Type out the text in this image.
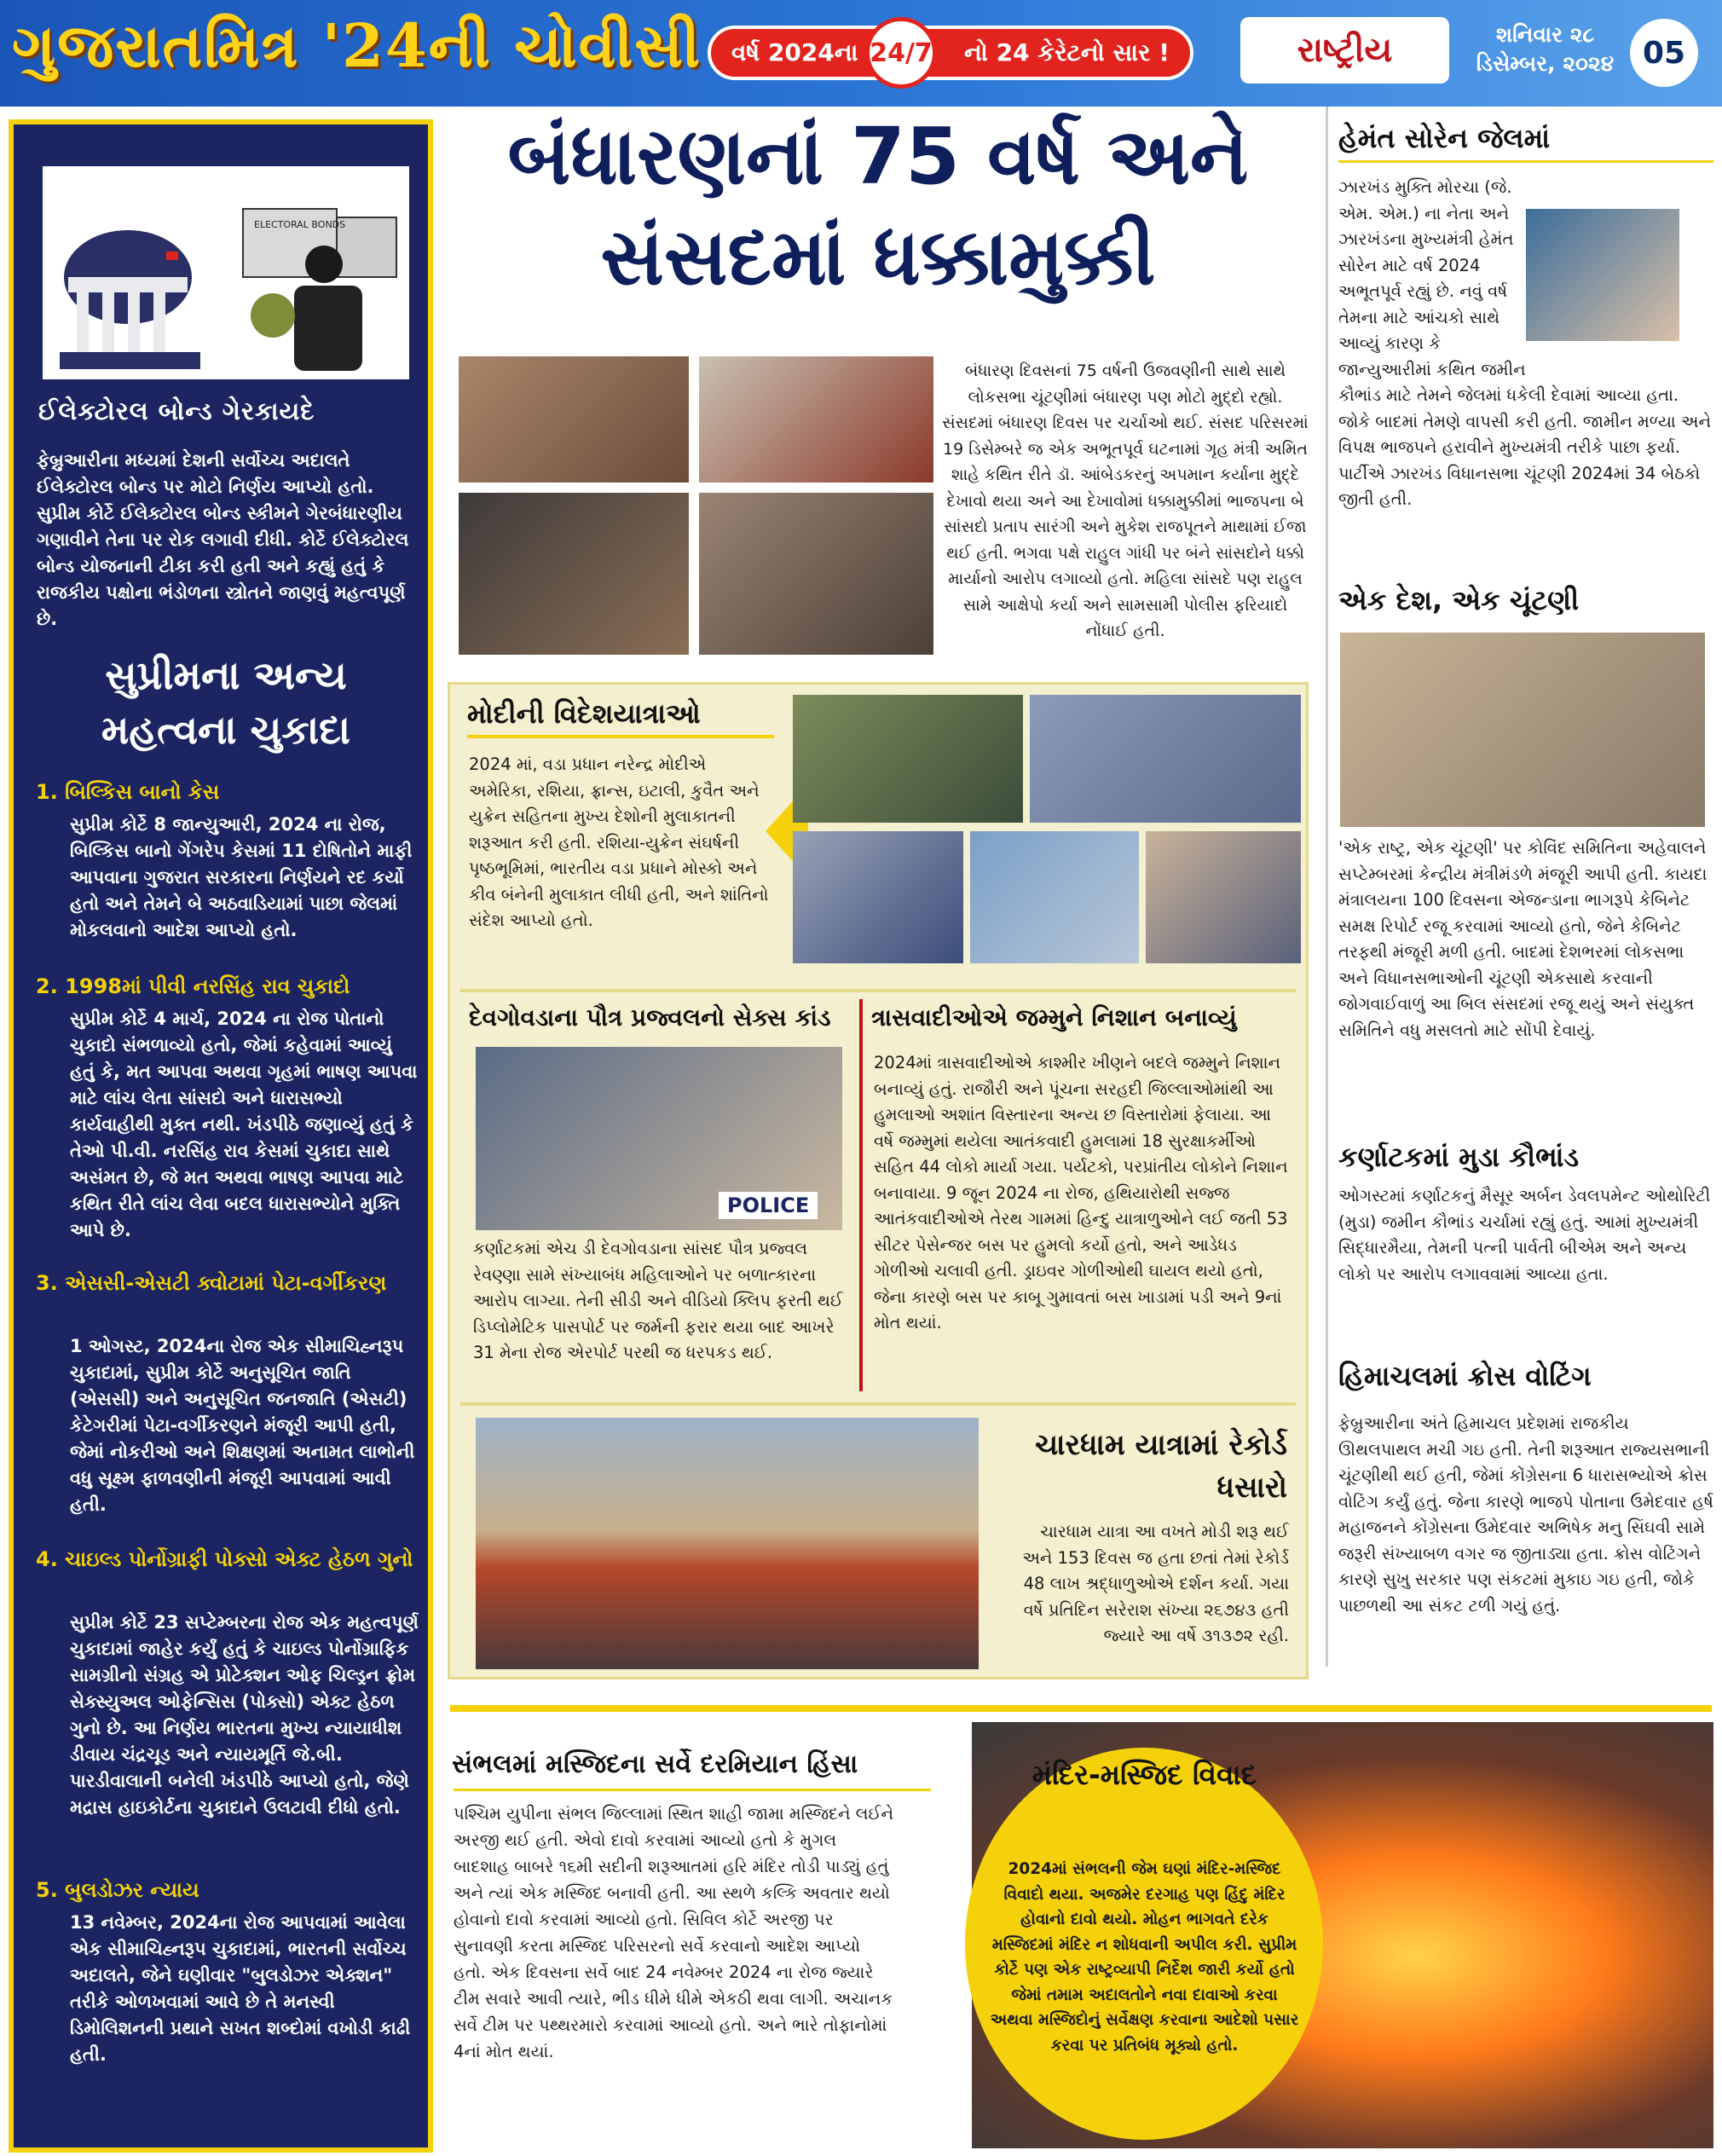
ગુજરાતમિત્ર '24ની ચોવીસી વર્ષ 2024ના	નો 24 કેરેટનો સાર !
24/7	રાષ્ટ્રીય	શનિવાર ૨૮
ડિસેમ્બર, ૨૦૨૪ 05
ELECTORAL BONDS
ઈલેક્ટોરલ બોન્ડ ગેરકાયદે
ફેબ્રુઆરીના મધ્યમાં દેશની સર્વોચ્ચ અદાલતે ઈલેક્ટોરલ બોન્ડ પર મોટો નિર્ણય આપ્યો હતો. સુપ્રીમ કોર્ટે ઈલેક્ટોરલ બોન્ડ સ્કીમને ગેરબંધારણીય ગણાવીને તેના પર રોક લગાવી દીધી. કોર્ટે ઈલેક્ટોરલ બોન્ડ યોજનાની ટીકા કરી હતી અને કહ્યું હતું કે રાજકીય પક્ષોના ભંડોળના સ્ત્રોતને જાણવું મહત્વપૂર્ણ છે.
સુપ્રીમના અન્ય મહત્વના ચુકાદા
1. બિલ્કિસ બાનો કેસ
સુપ્રીમ કોર્ટે 8 જાન્યુઆરી, 2024 ના રોજ, બિલ્કિસ બાનો ગેંગરેપ કેસમાં 11 દોષિતોને માફી આપવાના ગુજરાત સરકારના નિર્ણયને રદ કર્યો હતો અને તેમને બે અઠવાડિયામાં પાછા જેલમાં મોકલવાનો આદેશ આપ્યો હતો.
2. 1998માં પીવી નરસિંહ રાવ ચુકાદો
સુપ્રીમ કોર્ટે 4 માર્ચ, 2024 ના રોજ પોતાનો ચુકાદો સંભળાવ્યો હતો, જેમાં કહેવામાં આવ્યું હતું કે, મત આપવા અથવા ગૃહમાં ભાષણ આપવા માટે લાંચ લેતા સાંસદો અને ધારાસભ્યો કાર્યવાહીથી મુક્ત નથી. ખંડપીઠે જણાવ્યું હતું કે તેઓ પી.વી. નરસિંહ રાવ કેસમાં ચુકાદા સાથે અસંમત છે, જે મત અથવા ભાષણ આપવા માટે કથિત રીતે લાંચ લેવા બદલ ધારાસભ્યોને મુક્તિ આપે છે.
3. એસસી-એસટી ક્વોટામાં પેટા-વર્ગીકરણ
1 ઓગસ્ટ, 2024ના રોજ એક સીમાચિહ્નરૂપ ચુકાદામાં, સુપ્રીમ કોર્ટે અનુસૂચિત જાતિ (એસસી) અને અનુસૂચિત જનજાતિ (એસટી) કેટેગરીમાં પેટા-વર્ગીકરણને મંજૂરી આપી હતી, જેમાં નોકરીઓ અને શિક્ષણમાં અનામત લાભોની વધુ સૂક્ષ્મ ફાળવણીની મંજૂરી આપવામાં આવી હતી.
4. ચાઇલ્ડ પોર્નોગ્રાફી પોક્સો એક્ટ હેઠળ ગુનો
સુપ્રીમ કોર્ટે 23 સપ્ટેમ્બરના રોજ એક મહત્વપૂર્ણ ચુકાદામાં જાહેર કર્યું હતું કે ચાઇલ્ડ પોર્નોગ્રાફિક સામગ્રીનો સંગ્રહ એ પ્રોટેક્શન ઓફ ચિલ્ડ્રન ફ્રોમ સેક્સ્યુઅલ ઓફેન્સિસ (પોક્સો) એક્ટ હેઠળ ગુનો છે. આ નિર્ણય ભારતના મુખ્ય ન્યાયાધીશ ડીવાય ચંદ્રચૂડ અને ન્યાયમૂર્તિ જે.બી. પારડીવાલાની બનેલી ખંડપીઠે આપ્યો હતો, જેણે મદ્રાસ હાઇકોર્ટના ચુકાદાને ઉલટાવી દીધો હતો.
5. બુલડોઝર ન્યાય
13 નવેમ્બર, 2024ના રોજ આપવામાં આવેલા એક સીમાચિહ્નરૂપ ચુકાદામાં, ભારતની સર્વોચ્ચ અદાલતે, જેને ઘણીવાર "બુલડોઝર એક્શન" તરીકે ઓળખવામાં આવે છે તે મનસ્વી ડિમોલિશનની પ્રથાને સખત શબ્દોમાં વખોડી કાઢી હતી.
બંધારણનાં 75 વર્ષ અને સંસદમાં ધક્કામુક્કી
બંધારણ દિવસનાં 75 વર્ષની ઉજવણીની સાથે સાથે લોકસભા ચૂંટણીમાં બંધારણ પણ મોટો મુદ્દો રહ્યો. સંસદમાં બંધારણ દિવસ પર ચર્ચાઓ થઈ. સંસદ પરિસરમાં 19 ડિસેમ્બરે જ એક અભૂતપૂર્વ ઘટનામાં ગૃહ મંત્રી અમિત શાહે કથિત રીતે ડૉ. આંબેડકરનું અપમાન કર્યાના મુદ્દે દેખાવો થયા અને આ દેખાવોમાં ધક્કામુક્કીમાં ભાજપના બે સાંસદો પ્રતાપ સારંગી અને મુકેશ રાજપૂતને માથામાં ઈજા થઈ હતી. ભગવા પક્ષે રાહુલ ગાંધી પર બંને સાંસદોને ધક્કો માર્યાનો આરોપ લગાવ્યો હતો. મહિલા સાંસદે પણ રાહુલ સામે આક્ષેપો કર્યા અને સામસામી પોલીસ ફરિયાદો નોંધાઈ હતી.
મોદીની વિદેશયાત્રાઓ
2024 માં, વડા પ્રધાન નરેન્દ્ર મોદીએ અમેરિકા, રશિયા, ફ્રાન્સ, ઇટાલી, કુવૈત અને યુક્રેન સહિતના મુખ્ય દેશોની મુલાકાતની શરૂઆત કરી હતી. રશિયા-યુક્રેન સંઘર્ષની પૃષ્ઠભૂમિમાં, ભારતીય વડા પ્રધાને મોસ્કો અને કીવ બંનેની મુલાકાત લીધી હતી, અને શાંતિનો સંદેશ આપ્યો હતો.
દેવગોવડાના પૌત્ર પ્રજ્વલનો સેક્સ કાંડ
POLICE
કર્ણાટકમાં એચ ડી દેવગોવડાના સાંસદ પૌત્ર પ્રજ્વલ રેવણ્ણા સામે સંખ્યાબંધ મહિલાઓને પર બળાત્કારના આરોપ લાગ્યા. તેની સીડી અને વીડિયો ક્લિપ ફરતી થઈ ડિપ્લોમેટિક પાસપોર્ટ પર જર્મની ફરાર થયા બાદ આખરે 31 મેના રોજ એરપોર્ટ પરથી જ ધરપકડ થઈ.
ત્રાસવાદીઓએ જમ્મુને નિશાન બનાવ્યું
2024માં ત્રાસવાદીઓએ કાશ્મીર ખીણને બદલે જમ્મુને નિશાન બનાવ્યું હતું. રાજૌરી અને પૂંચના સરહદી જિલ્લાઓમાંથી આ હુમલાઓ અશાંત વિસ્તારના અન્ય છ વિસ્તારોમાં ફેલાયા. આ વર્ષે જમ્મુમાં થયેલા આતંકવાદી હુમલામાં 18 સુરક્ષાકર્મીઓ સહિત 44 લોકો માર્યા ગયા. પર્યટકો, પરપ્રાંતીય લોકોને નિશાન બનાવાયા. 9 જૂન 2024 ના રોજ, હથિયારોથી સજ્જ આતંકવાદીઓએ તેરથ ગામમાં હિન્દુ યાત્રાળુઓને લઈ જતી 53 સીટર પેસેન્જર બસ પર હુમલો કર્યો હતો, અને આડેધડ ગોળીઓ ચલાવી હતી. ડ્રાઇવર ગોળીઓથી ઘાયલ થયો હતો, જેના કારણે બસ પર કાબૂ ગુમાવતાં બસ ખાડામાં પડી અને 9નાં મોત થયાં.
ચારધામ યાત્રામાં રેકોર્ડ ધસારો
ચારધામ યાત્રા આ વખતે મોડી શરૂ થઈ અને 153 દિવસ જ હતા છતાં તેમાં રેકોર્ડ 48 લાખ શ્રદ્ધાળુઓએ દર્શન કર્યા. ગયા વર્ષે પ્રતિદિન સરેરાશ સંખ્યા ૨૬૭૪૩ હતી જ્યારે આ વર્ષે ૩૧૩૭૨ રહી.
હેમંત સોરેન જેલમાં
ઝારખંડ મુક્તિ મોરચા (જે. એમ. એમ.) ના નેતા અને ઝારખંડના મુખ્યમંત્રી હેમંત સોરેન માટે વર્ષ 2024 અભૂતપૂર્વ રહ્યું છે. નવું વર્ષ તેમના માટે આંચકો સાથે આવ્યું કારણ કે જાન્યુઆરીમાં કથિત જમીન કૌભાંડ માટે તેમને જેલમાં ધકેલી દેવામાં આવ્યા હતા. જોકે બાદમાં તેમણે વાપસી કરી હતી. જામીન મળ્યા અને વિપક્ષ ભાજપને હરાવીને મુખ્યમંત્રી તરીકે પાછા ફર્યા. પાર્ટીએ ઝારખંડ વિધાનસભા ચૂંટણી 2024માં 34 બેઠકો જીતી હતી.
એક દેશ, એક ચૂંટણી
'એક રાષ્ટ્ર, એક ચૂંટણી' પર કોવિંદ સમિતિના અહેવાલને સપ્ટેમ્બરમાં કેન્દ્રીય મંત્રીમંડળે મંજૂરી આપી હતી. કાયદા મંત્રાલયના 100 દિવસના એજન્ડાના ભાગરૂપે કેબિનેટ સમક્ષ રિપોર્ટ રજૂ કરવામાં આવ્યો હતો, જેને કેબિનેટ તરફથી મંજૂરી મળી હતી. બાદમાં દેશભરમાં લોકસભા અને વિધાનસભાઓની ચૂંટણી એકસાથે કરવાની જોગવાઈવાળું આ બિલ સંસદમાં રજૂ થયું અને સંયુક્ત સમિતિને વધુ મસલતો માટે સોંપી દેવાયું.
કર્ણાટકમાં મુડા કૌભાંડ
ઓગસ્ટમાં કર્ણાટકનું મૈસૂર અર્બન ડેવલપમેન્ટ ઓથોરિટી (મુડા) જમીન કૌભાંડ ચર્ચામાં રહ્યું હતું. આમાં મુખ્યમંત્રી સિદ્ધારમૈયા, તેમની પત્ની પાર્વતી બીએમ અને અન્ય લોકો પર આરોપ લગાવવામાં આવ્યા હતા.
હિમાચલમાં ક્રોસ વોટિંગ
ફેબ્રુઆરીના અંતે હિમાચલ પ્રદેશમાં રાજકીય ઊથલપાથલ મચી ગઇ હતી. તેની શરૂઆત રાજ્યસભાની ચૂંટણીથી થઈ હતી, જેમાં કોંગ્રેસના 6 ધારાસભ્યોએ ક્રોસ વોટિંગ કર્યું હતું. જેના કારણે ભાજપે પોતાના ઉમેદવાર હર્ષ મહાજનને કોંગ્રેસના ઉમેદવાર અભિષેક મનુ સિંઘવી સામે જરૂરી સંખ્યાબળ વગર જ જીતાડ્યા હતા. ક્રોસ વોટિંગને કારણે સુખુ સરકાર પણ સંકટમાં મુકાઇ ગઇ હતી, જોકે પાછળથી આ સંકટ ટળી ગયું હતું.
સંભલમાં મસ્જિદના સર્વે દરમિયાન હિંસા
પશ્ચિમ યુપીના સંભલ જિલ્લામાં સ્થિત શાહી જામા મસ્જિદને લઈને અરજી થઈ હતી. એવો દાવો કરવામાં આવ્યો હતો કે મુગલ બાદશાહ બાબરે ૧૬મી સદીની શરૂઆતમાં હરિ મંદિર તોડી પાડ્યું હતું અને ત્યાં એક મસ્જિદ બનાવી હતી. આ સ્થળે કલ્કિ અવતાર થયો હોવાનો દાવો કરવામાં આવ્યો હતો. સિવિલ કોર્ટે અરજી પર સુનાવણી કરતા મસ્જિદ પરિસરનો સર્વે કરવાનો આદેશ આપ્યો હતો. એક દિવસના સર્વે બાદ 24 નવેમ્બર 2024 ના રોજ જ્યારે ટીમ સવારે આવી ત્યારે, ભીડ ધીમે ધીમે એકઠી થવા લાગી. અચાનક સર્વે ટીમ પર પથ્થરમારો કરવામાં આવ્યો હતો. અને ભારે તોફાનોમાં 4નાં મોત થયાં.
મંદિર-મસ્જિદ વિવાદ
2024માં સંભલની જેમ ઘણાં મંદિર-મસ્જિદ વિવાદો થયા. અજમેર દરગાહ પણ હિંદુ મંદિર હોવાનો દાવો થયો. મોહન ભાગવતે દરેક મસ્જિદમાં મંદિર ન શોધવાની અપીલ કરી. સુપ્રીમ કોર્ટે પણ એક રાષ્ટ્રવ્યાપી નિર્દેશ જારી કર્યો હતો જેમાં તમામ અદાલતોને નવા દાવાઓ કરવા અથવા મસ્જિદોનું સર્વેક્ષણ કરવાના આદેશો પસાર કરવા પર પ્રતિબંધ મૂક્યો હતો.
